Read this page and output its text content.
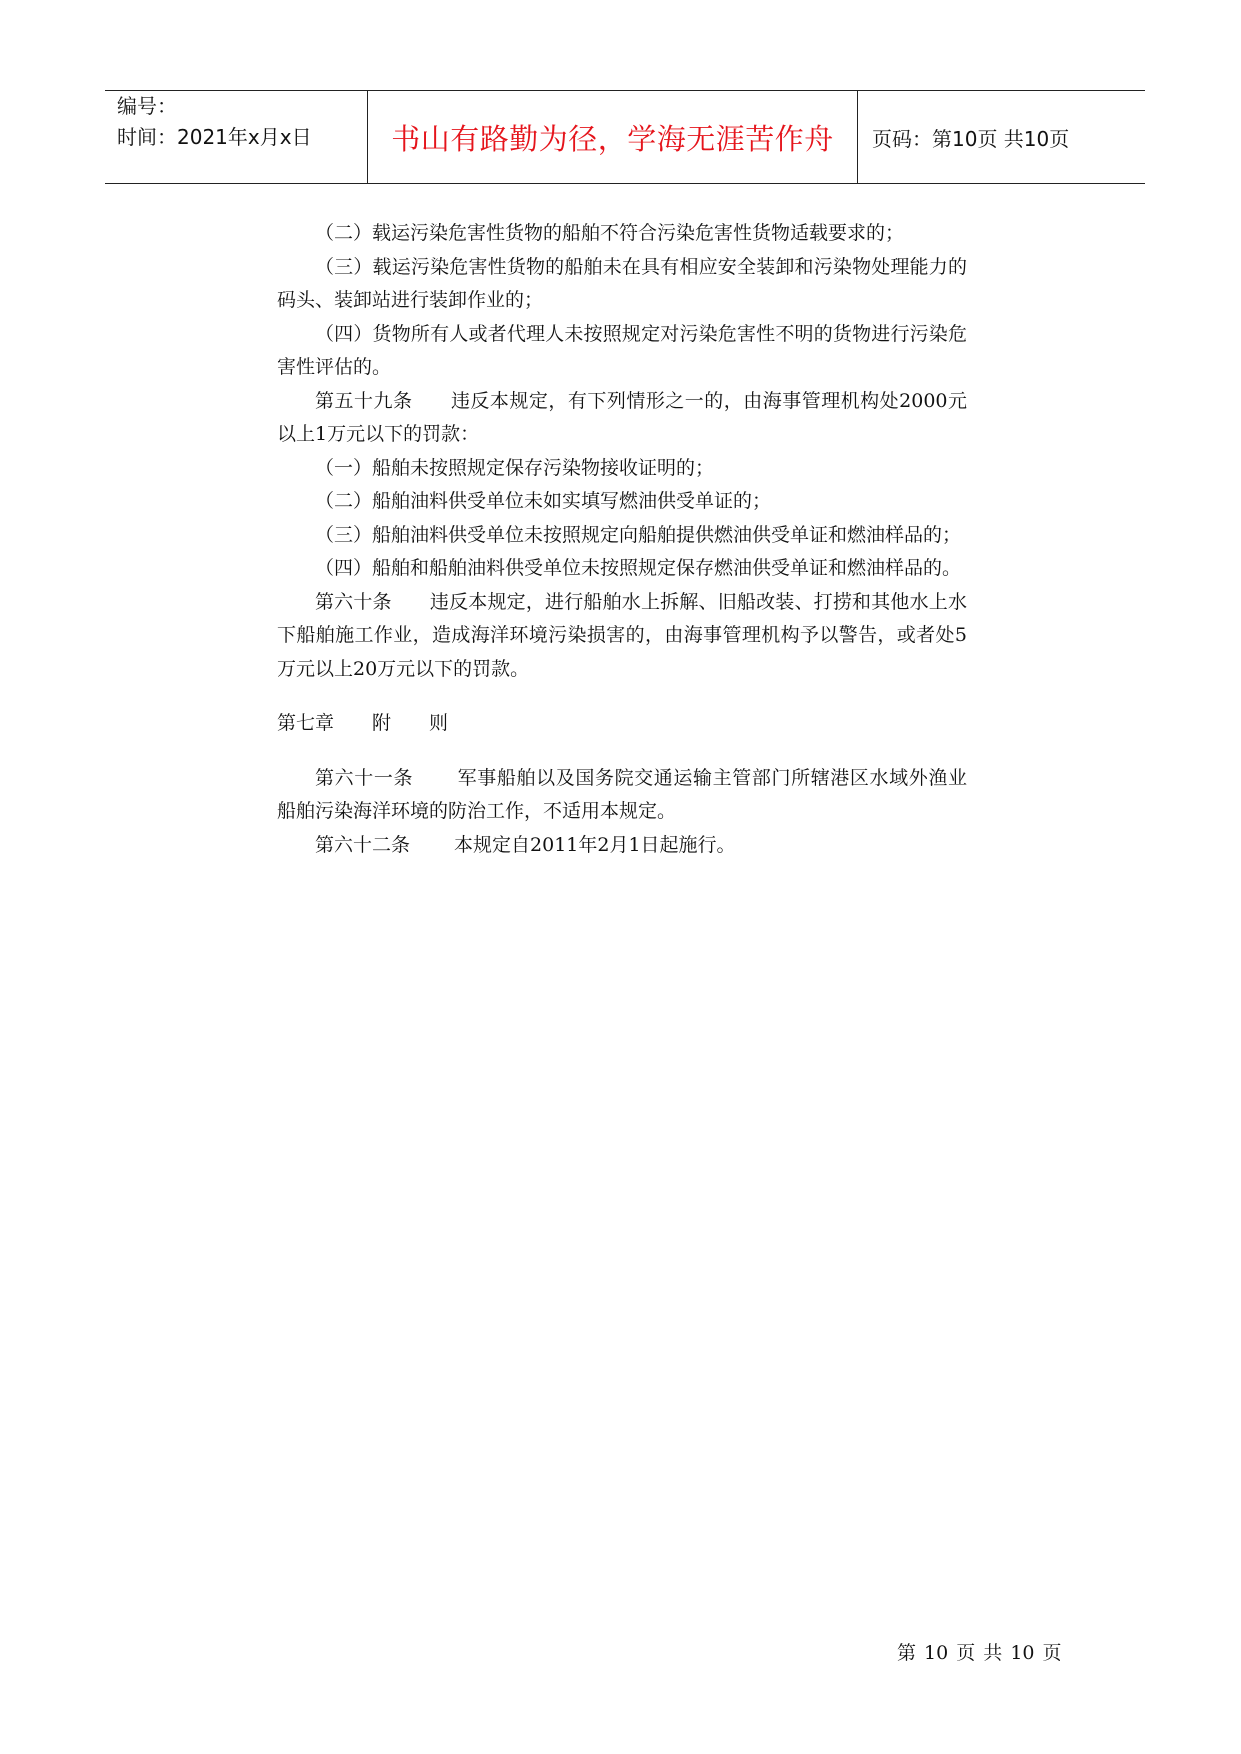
编号：
时间：2021年x月x日	书山有路勤为径，学海无涯苦作舟	页码：第10页 共10页

（二）载运污染危害性货物的船舶不符合污染危害性货物适载要求的；

（三）载运污染危害性货物的船舶未在具有相应安全装卸和污染物处理能力的码头、装卸站进行装卸作业的；

（四）货物所有人或者代理人未按照规定对污染危害性不明的货物进行污染危害性评估的。

第五十九条 违反本规定，有下列情形之一的，由海事管理机构处2000元以上1万元以下的罚款：

（一）船舶未按照规定保存污染物接收证明的；

（二）船舶油料供受单位未如实填写燃油供受单证的；

（三）船舶油料供受单位未按照规定向船舶提供燃油供受单证和燃油样品的；

（四）船舶和船舶油料供受单位未按照规定保存燃油供受单证和燃油样品的。

第六十条 违反本规定，进行船舶水上拆解、旧船改装、打捞和其他水上水下船舶施工作业，造成海洋环境污染损害的，由海事管理机构予以警告，或者处5万元以上20万元以下的罚款。

第七章 附　　则

第六十一条 军事船舶以及国务院交通运输主管部门所辖港区水域外渔业船舶污染海洋环境的防治工作，不适用本规定。

第六十二条 本规定自2011年2月1日起施行。

第 10 页 共 10 页
